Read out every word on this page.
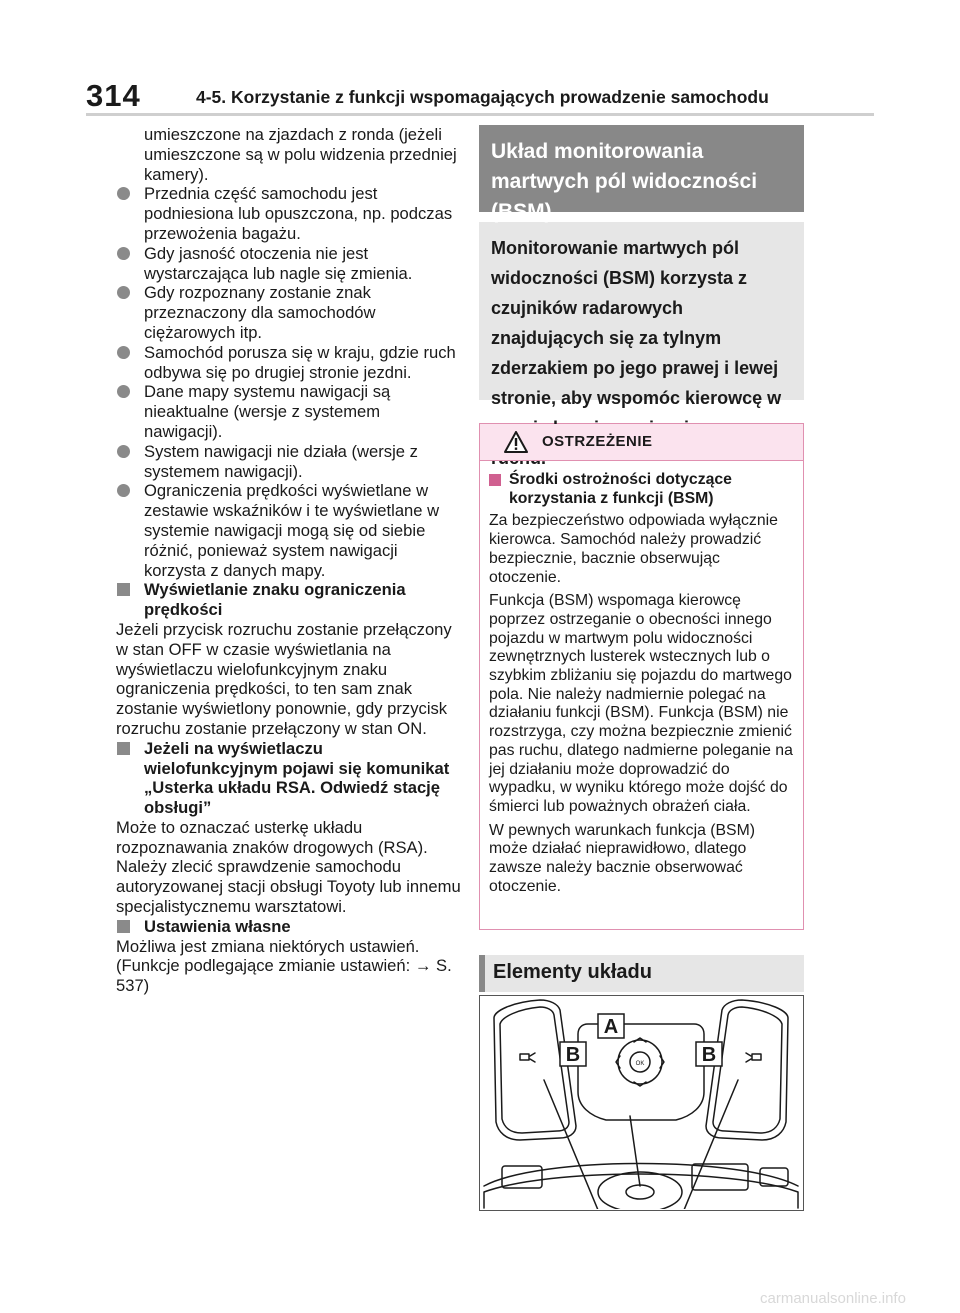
314	4-5. Korzystanie z funkcji wspomagających prowadzenie samochodu

umieszczone na zjazdach z ronda (jeżeli umieszczone są w polu widzenia przedniej kamery).

Przednia część samochodu jest podniesiona lub opuszczona, np. podczas przewożenia bagażu.

Gdy jasność otoczenia nie jest wystarczająca lub nagle się zmienia.

Gdy rozpoznany zostanie znak przeznaczony dla samochodów ciężarowych itp.

Samochód porusza się w kraju, gdzie ruch odbywa się po drugiej stronie jezdni.

Dane mapy systemu nawigacji są nieaktualne (wersje z systemem nawigacji).

System nawigacji nie działa (wersje z systemem nawigacji).

Ograniczenia prędkości wyświetlane w zestawie wskaźników i te wyświetlane w systemie nawigacji mogą się od siebie różnić, ponieważ system nawigacji korzysta z danych mapy.

Wyświetlanie znaku ograniczenia prędkości

Jeżeli przycisk rozruchu zostanie przełączony w stan OFF w czasie wyświetlania na wyświetlaczu wielofunkcyjnym znaku ograniczenia prędkości, to ten sam znak zostanie wyświetlony ponownie, gdy przycisk rozruchu zostanie przełączony w stan ON.

Jeżeli na wyświetlaczu wielofunkcyjnym pojawi się komunikat „Usterka układu RSA. Odwiedź stację obsługi”

Może to oznaczać usterkę układu rozpoznawania znaków drogowych (RSA). Należy zlecić sprawdzenie samochodu autoryzowanej stacji obsługi Toyoty lub innemu specjalistycznemu warsztatowi.

Ustawienia własne

Możliwa jest zmiana niektórych ustawień. (Funkcje podlegające zmianie ustawień: → S. 537)

Układ monitorowania martwych pól widoczności (BSM)
Monitorowanie martwych pól widoczności (BSM) korzysta z czujników radarowych znajdujących się za tylnym zderzakiem po jego prawej i lewej stronie, aby wspomóc kierowcę w
OSTRZEŻENIE

Środki ostrożności dotyczące korzystania z funkcji (BSM)

Za bezpieczeństwo odpowiada wyłącznie kierowca. Samochód należy prowadzić bezpiecznie, bacznie obserwując otoczenie.

Funkcja (BSM) wspomaga kierowcę poprzez ostrzeganie o obecności innego pojazdu w martwym polu widoczności zewnętrznych lusterek wstecznych lub o szybkim zbliżaniu się pojazdu do martwego pola. Nie należy nadmiernie polegać na działaniu funkcji (BSM). Funkcja (BSM) nie rozstrzyga, czy można bezpiecznie zmienić pas ruchu, dlatego nadmierne poleganie na jej działaniu może doprowadzić do wypadku, w wyniku którego może dojść do śmierci lub poważnych obrażeń ciała.

W pewnych warunkach funkcja (BSM) może działać nieprawidłowo, dlatego zawsze należy bacznie obserwować otoczenie.

Elementy układu
A
B	B
OK
carmanualsonline.info
